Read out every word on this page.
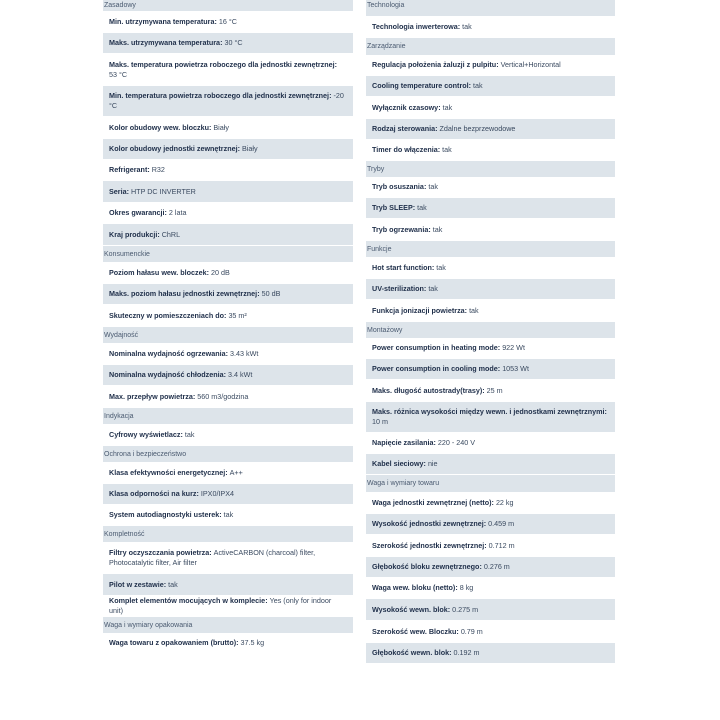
Zasadowy
Min. utrzymywana temperatura: 16 °C
Maks. utrzymywana temperatura: 30 °C
Maks. temperatura powietrza roboczego dla jednostki zewnętrznej: 53 °C
Min. temperatura powietrza roboczego dla jednostki zewnętrznej: -20 °C
Kolor obudowy wew. bloczku: Biały
Kolor obudowy jednostki zewnętrznej: Biały
Refrigerant: R32
Seria: HTP DC INVERTER
Okres gwarancji: 2 lata
Kraj produkcji: ChRL
Konsumenckie
Poziom hałasu wew. bloczek: 20 dB
Maks. poziom hałasu jednostki zewnętrznej: 50 dB
Skuteczny w pomieszczeniach do: 35 m²
Wydajność
Nominalna wydajność ogrzewania: 3.43 kWt
Nominalna wydajność chłodzenia: 3.4 kWt
Max. przepływ powietrza: 560 m3/godzina
Indykacja
Cyfrowy wyświetlacz: tak
Ochrona i bezpieczeństwo
Klasa efektywności energetycznej: A++
Klasa odporności na kurz: IPX0/IPX4
System autodiagnostyki usterek: tak
Kompletność
Filtry oczyszczania powietrza: ActiveCARBON (charcoal) filter, Photocatalytic filter, Air filter
Pilot w zestawie: tak
Komplet elementów mocujących w komplecie: Yes (only for indoor unit)
Waga i wymiary opakowania
Waga towaru z opakowaniem (brutto): 37.5 kg
Technologia
Technologia inwerterowa: tak
Zarządzanie
Regulacja położenia żaluzji z pulpitu: Vertical+Horizontal
Cooling temperature control: tak
Wyłącznik czasowy: tak
Rodzaj sterowania: Zdalne bezprzewodowe
Timer do włączenia: tak
Tryby
Tryb osuszania: tak
Tryb SLEEP: tak
Tryb ogrzewania: tak
Funkcje
Hot start function: tak
UV-sterilization: tak
Funkcja jonizacji powietrza: tak
Montażowy
Power consumption in heating mode: 922 Wt
Power consumption in cooling mode: 1053 Wt
Maks. długość autostrady(trasy): 25 m
Maks. różnica wysokości między wewn. i jednostkami zewnętrznymi: 10 m
Napięcie zasilania: 220 - 240 V
Kabel sieciowy: nie
Waga i wymiary towaru
Waga jednostki zewnętrznej (netto): 22 kg
Wysokość jednostki zewnętrznej: 0.459 m
Szerokość jednostki zewnętrznej: 0.712 m
Głębokość bloku zewnętrznego: 0.276 m
Waga wew. bloku (netto): 8 kg
Wysokość wewn. blok: 0.275 m
Szerokość wew. Bloczku: 0.79 m
Głębokość wewn. blok: 0.192 m
